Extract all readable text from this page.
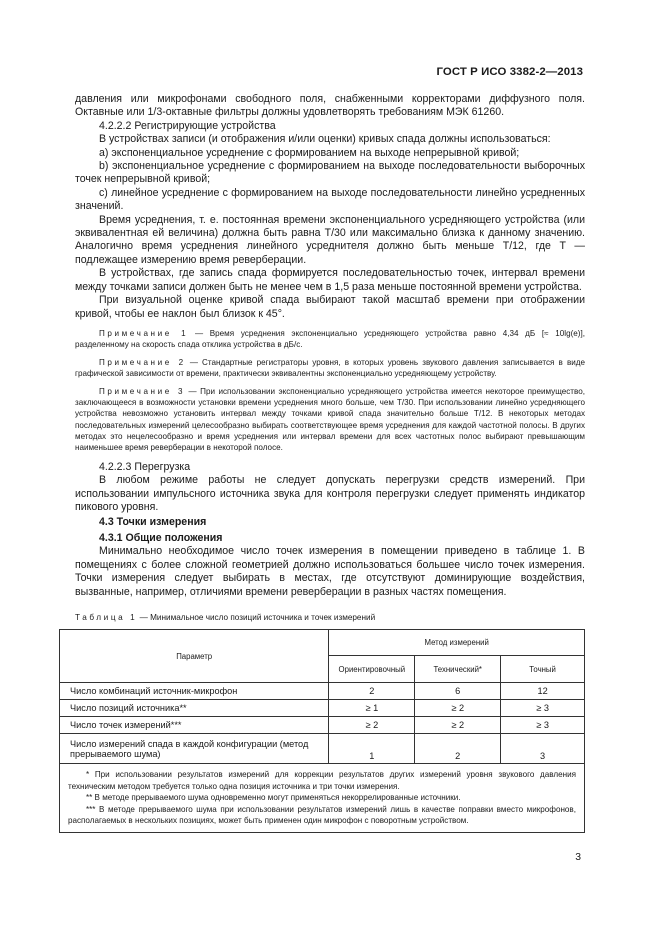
ГОСТ Р ИСО 3382-2—2013
давления или микрофонами свободного поля, снабженными корректорами диффузного поля. Октавные или 1/3-октавные фильтры должны удовлетворять требованиям МЭК 61260.
4.2.2.2 Регистрирующие устройства
В устройствах записи (и отображения и/или оценки) кривых спада должны использоваться:
а) экспоненциальное усреднение с формированием на выходе непрерывной кривой;
b) экспоненциальное усреднение с формированием на выходе последовательности выборочных точек непрерывной кривой;
с) линейное усреднение с формированием на выходе последовательности линейно усредненных значений.
Время усреднения, т. е. постоянная времени экспоненциального усредняющего устройства (или эквивалентная ей величина) должна быть равна T/30 или максимально близка к данному значению. Аналогично время усреднения линейного усреднителя должно быть меньше T/12, где T — подлежащее измерению время реверберации.
В устройствах, где запись спада формируется последовательностью точек, интервал времени между точками записи должен быть не менее чем в 1,5 раза меньше постоянной времени устройства.
При визуальной оценке кривой спада выбирают такой масштаб времени при отображении кривой, чтобы ее наклон был близок к 45°.
Примечание 1 — Время усреднения экспоненциально усредняющего устройства равно 4,34 дБ [≈ 10lg(e)], разделенному на скорость спада отклика устройства в дБ/с.
Примечание 2 — Стандартные регистраторы уровня, в которых уровень звукового давления записывается в виде графической зависимости от времени, практически эквивалентны экспоненциально усредняющему устройству.
Примечание 3 — При использовании экспоненциально усредняющего устройства имеется некоторое преимущество, заключающееся в возможности установки времени усреднения много больше, чем T/30. При использовании линейно усредняющего устройства невозможно установить интервал между точками кривой спада значительно больше T/12. В некоторых методах последовательных измерений целесообразно выбирать соответствующее время усреднения для каждой частотной полосы. В других методах это нецелесообразно и время усреднения или интервал времени для всех частотных полос выбирают превышающим наименьшее время реверберации в некоторой полосе.
4.2.2.3 Перегрузка
В любом режиме работы не следует допускать перегрузки средств измерений. При использовании импульсного источника звука для контроля перегрузки следует применять индикатор пикового уровня.
4.3 Точки измерения
4.3.1 Общие положения
Минимально необходимое число точек измерения в помещении приведено в таблице 1. В помещениях с более сложной геометрией должно использоваться большее число точек измерения. Точки измерения следует выбирать в местах, где отсутствуют доминирующие воздействия, вызванные, например, отличиями времени реверберации в разных частях помещения.
Таблица 1 — Минимальное число позиций источника и точек измерений
Параметр	Метод измерений		
	Ориентировочный	Технический*	Точный
Число комбинаций источник-микрофон	2	6	12
Число позиций источника**	≥ 1	≥ 2	≥ 3
Число точек измерений***	≥ 2	≥ 2	≥ 3
Число измерений спада в каждой конфигурации (метод прерываемого шума)	1	2	3

* При использовании результатов измерений для коррекции результатов других измерений уровня звукового давления техническим методом требуется только одна позиция источника и три точки измерения.
** В методе прерываемого шума одновременно могут применяться некоррелированные источники.
*** В методе прерываемого шума при использовании результатов измерений лишь в качестве поправки вместо микрофонов, располагаемых в нескольких позициях, может быть применен один микрофон с поворотным устройством.			
3
